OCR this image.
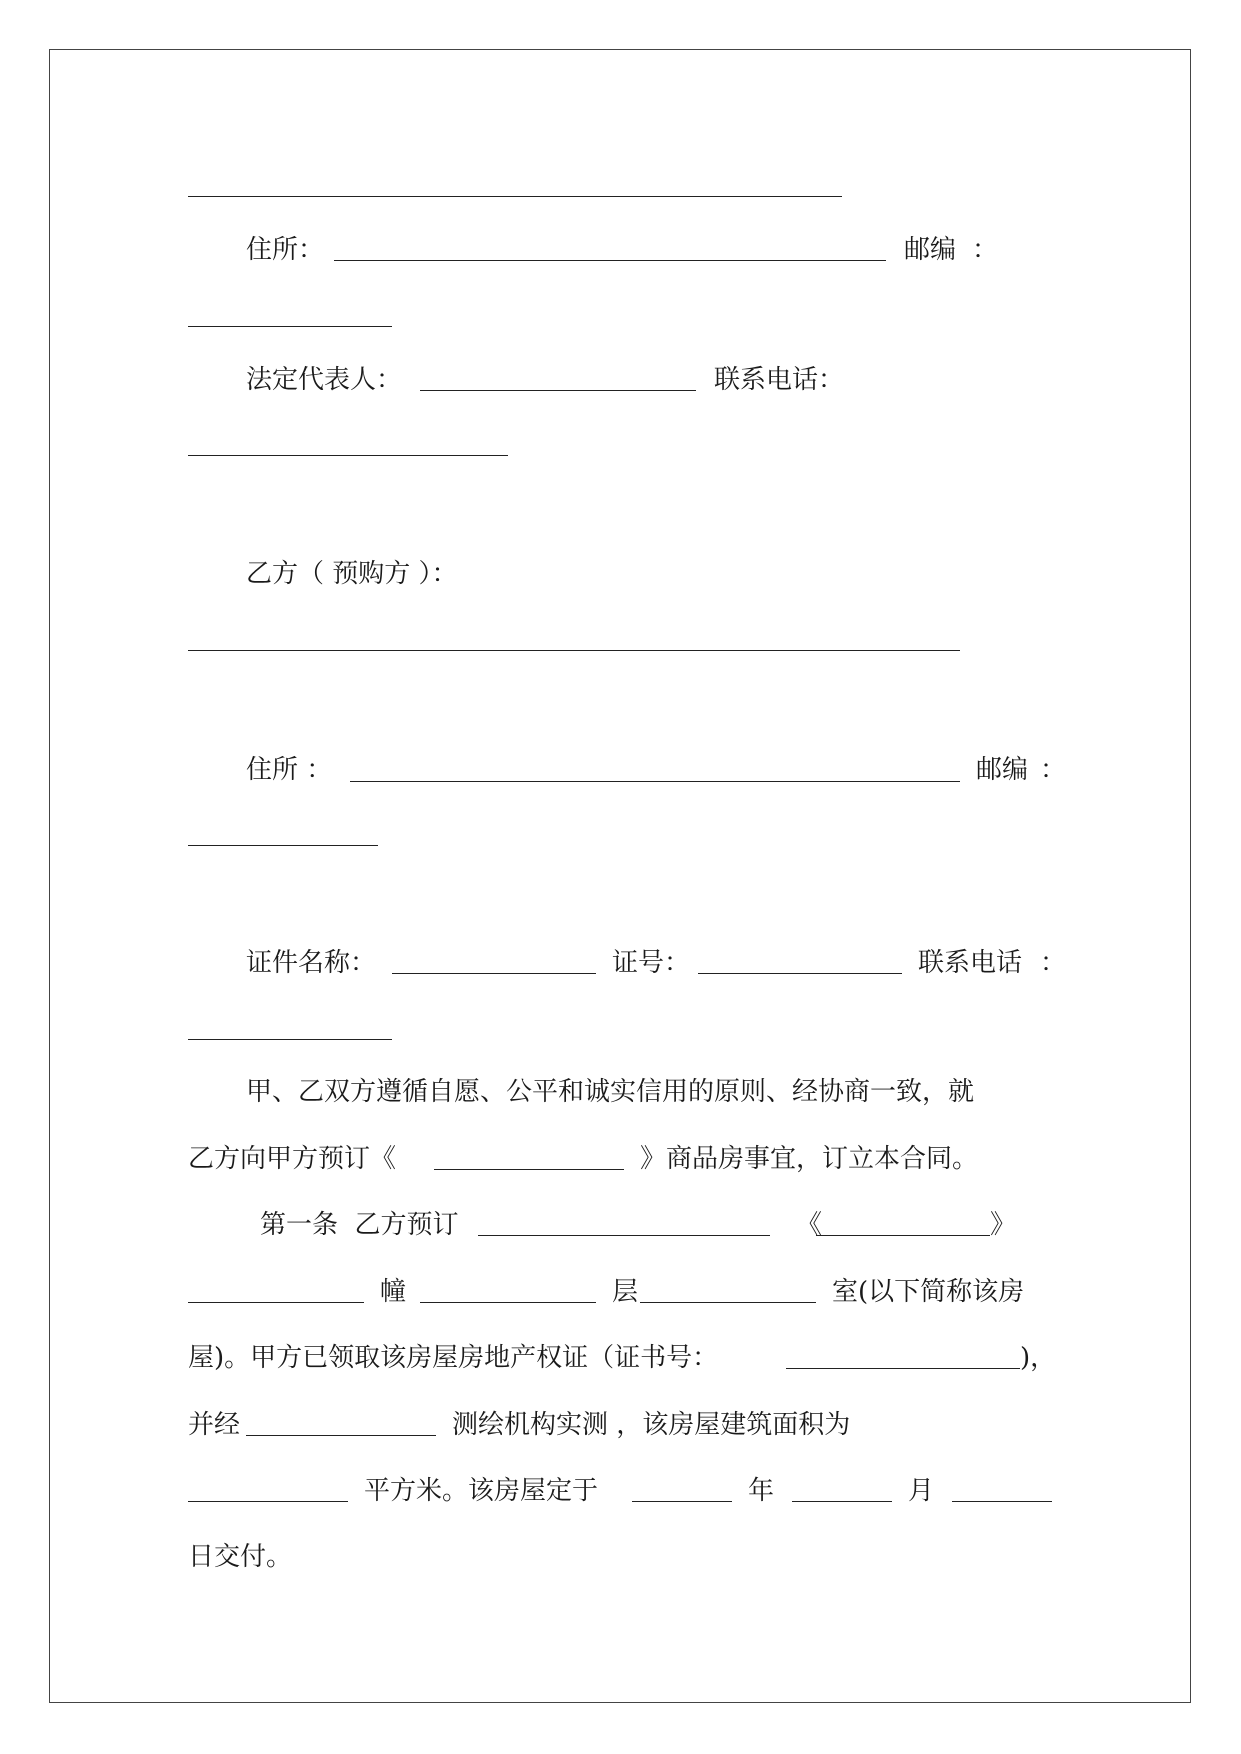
住所：	邮编 ：
法定代表人：	联系电话：
乙方（ 预购方 ）：
住所 ：	邮编 ：
证件名称：	证号：	联系电话 ：
甲、乙双方遵循自愿、公平和诚实信用的原则、经协商一致，就
乙方向甲方预订《	》商品房事宜，订立本合同。
第一条  乙方预订	《	》
幢	层	室(以下简称该房
屋)。甲方已领取该房屋房地产权证（证书号：	)，
并经	测绘机构实测 ，该房屋建筑面积为
平方米。该房屋定于	年	月
日交付。
